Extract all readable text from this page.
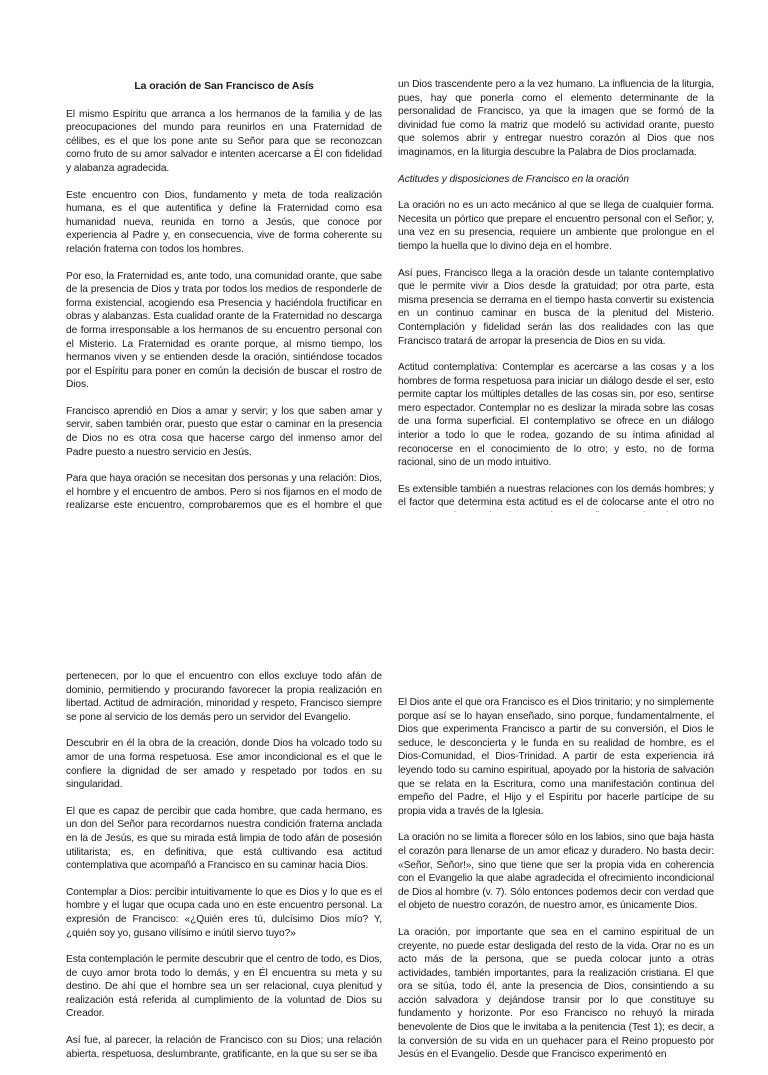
La oración de San Francisco de Asís

El mismo Espíritu que arranca a los hermanos de la familia y de las preocupaciones del mundo para reunirlos en una Fraternidad de célibes, es el que los pone ante su Señor para que se reconozcan como fruto de su amor salvador e intenten acercarse a Él con fidelidad y alabanza agradecida.

Este encuentro con Dios, fundamento y meta de toda realización humana, es el que autentifica y define la Fraternidad como esa humanidad nueva, reunida en torno a Jesús, que conoce por experiencia al Padre y, en consecuencia, vive de forma coherente su relación fraterna con todos los hombres.

Por eso, la Fraternidad es, ante todo, una comunidad orante, que sabe de la presencia de Dios y trata por todos los medios de responderle de forma existencial, acogiendo esa Presencia y haciéndola fructificar en obras y alabanzas. Esta cualidad orante de la Fraternidad no descarga de forma irresponsable a los hermanos de su encuentro personal con el Misterio. La Fraternidad es orante porque, al mismo tiempo, los hermanos viven y se entienden desde la oración, sintiéndose tocados por el Espíritu para poner en común la decisión de buscar el rostro de Dios.

Francisco aprendió en Dios a amar y servir; y los que saben amar y servir, saben también orar, puesto que estar o caminar en la presencia de Dios no es otra cosa que hacerse cargo del inmenso amor del Padre puesto a nuestro servicio en Jesús.

Para que haya oración se necesitan dos personas y una relación: Dios, el hombre y el encuentro de ambos. Pero si nos fijamos en el modo de realizarse este encuentro, comprobaremos que es el hombre el que

un Dios trascendente pero a la vez humano. La influencia de la liturgia, pues, hay que ponerla como el elemento determinante de la personalidad de Francisco, ya que la imagen que se formó de la divinidad fue como la matriz que modeló su actividad orante, puesto que solemos abrir y entregar nuestro corazón al Dios que nos imaginamos, en la liturgia descubre la Palabra de Dios proclamada.

Actitudes y disposiciones de Francisco en la oración

La oración no es un acto mecánico al que se llega de cualquier forma. Necesita un pórtico que prepare el encuentro personal con el Señor; y, una vez en su presencia, requiere un ambiente que prolongue en el tiempo la huella que lo divino deja en el hombre.

Así pues, Francisco llega a la oración desde un talante contemplativo que le permite vivir a Dios desde la gratuidad; por otra parte, esta misma presencia se derrama en el tiempo hasta convertir su existencia en un continuo caminar en busca de la plenitud del Misterio. Contemplación y fidelidad serán las dos realidades con las que Francisco tratará de arropar la presencia de Dios en su vida.

Actitud contemplativa: Contemplar es acercarse a las cosas y a los hombres de forma respetuosa para iniciar un diálogo desde el ser, esto permite captar los múltiples detalles de las cosas sin, por eso, sentirse mero espectador. Contemplar no es deslizar la mirada sobre las cosas de una forma superficial. El contemplativo se ofrece en un diálogo interior a todo lo que le rodea, gozando de su íntima afinidad al reconocerse en el conocimiento de lo otro; y esto, no de forma racional, sino de un modo intuitivo.

Es extensible también a nuestras relaciones con los demás hombres; y el factor que determina esta actitud es el de colocarse ante el otro no

pertenecen, por lo que el encuentro con ellos excluye todo afán de dominio, permitiendo y procurando favorecer la propia realización en libertad. Actitud de admiración, minoridad y respeto, Francisco siempre se pone al servicio de los demás pero un servidor del Evangelio.

Descubrir en él la obra de la creación, donde Dios ha volcado todo su amor de una forma respetuosa. Ese amor incondicional es el que le confiere la dignidad de ser amado y respetado por todos en su singularidad.

El que es capaz de percibir que cada hombre, que cada hermano, es un don del Señor para recordarnos nuestra condición fraterna anclada en la de Jesús, es que su mirada está limpia de todo afán de posesión utilitarista; es, en definitiva, que está cultivando esa actitud contemplativa que acompañó a Francisco en su caminar hacia Dios.

Contemplar a Dios: percibir intuitivamente lo que es Dios y lo que es el hombre y el lugar que ocupa cada uno en este encuentro personal. La expresión de Francisco: «¿Quién eres tú, dulcísimo Dios mío? Y, ¿quién soy yo, gusano vilísimo e inútil siervo tuyo?»

Esta contemplación le permite descubrir que el centro de todo, es Dios, de cuyo amor brota todo lo demás, y en Él encuentra su meta y su destino. De ahí que el hombre sea un ser relacional, cuya plenitud y realización está referida al cumplimiento de la voluntad de Dios su Creador.

Así fue, al parecer, la relación de Francisco con su Dios; una relación abierta, respetuosa, deslumbrante, gratificante, en la que su ser se iba

El Dios ante el que ora Francisco es el Dios trinitario; y no simplemente porque así se lo hayan enseñado, sino porque, fundamentalmente, el Dios que experimenta Francisco a partir de su conversión, el Dios le seduce, le desconcierta y le funda en su realidad de hombre, es el Dios-Comunidad, el Dios-Trinidad. A partir de esta experiencia irá leyendo todo su camino espiritual, apoyado por la historia de salvación que se relata en la Escritura, como una manifestación continua del empeño del Padre, el Hijo y el Espíritu por hacerle partícipe de su propia vida a través de la Iglesia.

La oración no se limita a florecer sólo en los labios, sino que baja hasta el corazón para llenarse de un amor eficaz y duradero. No basta decir: «Señor, Señor!», sino que tiene que ser la propia vida en coherencia con el Evangelio la que alabe agradecida el ofrecimiento incondicional de Dios al hombre (v. 7). Sólo entonces podemos decir con verdad que el objeto de nuestro corazón, de nuestro amor, es únicamente Dios.

La oración, por importante que sea en el camino espiritual de un creyente, no puede estar desligada del resto de la vida. Orar no es un acto más de la persona, que se pueda colocar junto a otras actividades, también importantes, para la realización cristiana. El que ora se sitúa, todo él, ante la presencia de Dios, consintiendo a su acción salvadora y dejándose transir por lo que constituye su fundamento y horizonte. Por eso Francisco no rehuyó la mirada benevolente de Dios que le invitaba a la penitencia (Test 1); es decir, a la conversión de su vida en un quehacer para el Reino propuesto por Jesús en el Evangelio. Desde que Francisco experimentó en
